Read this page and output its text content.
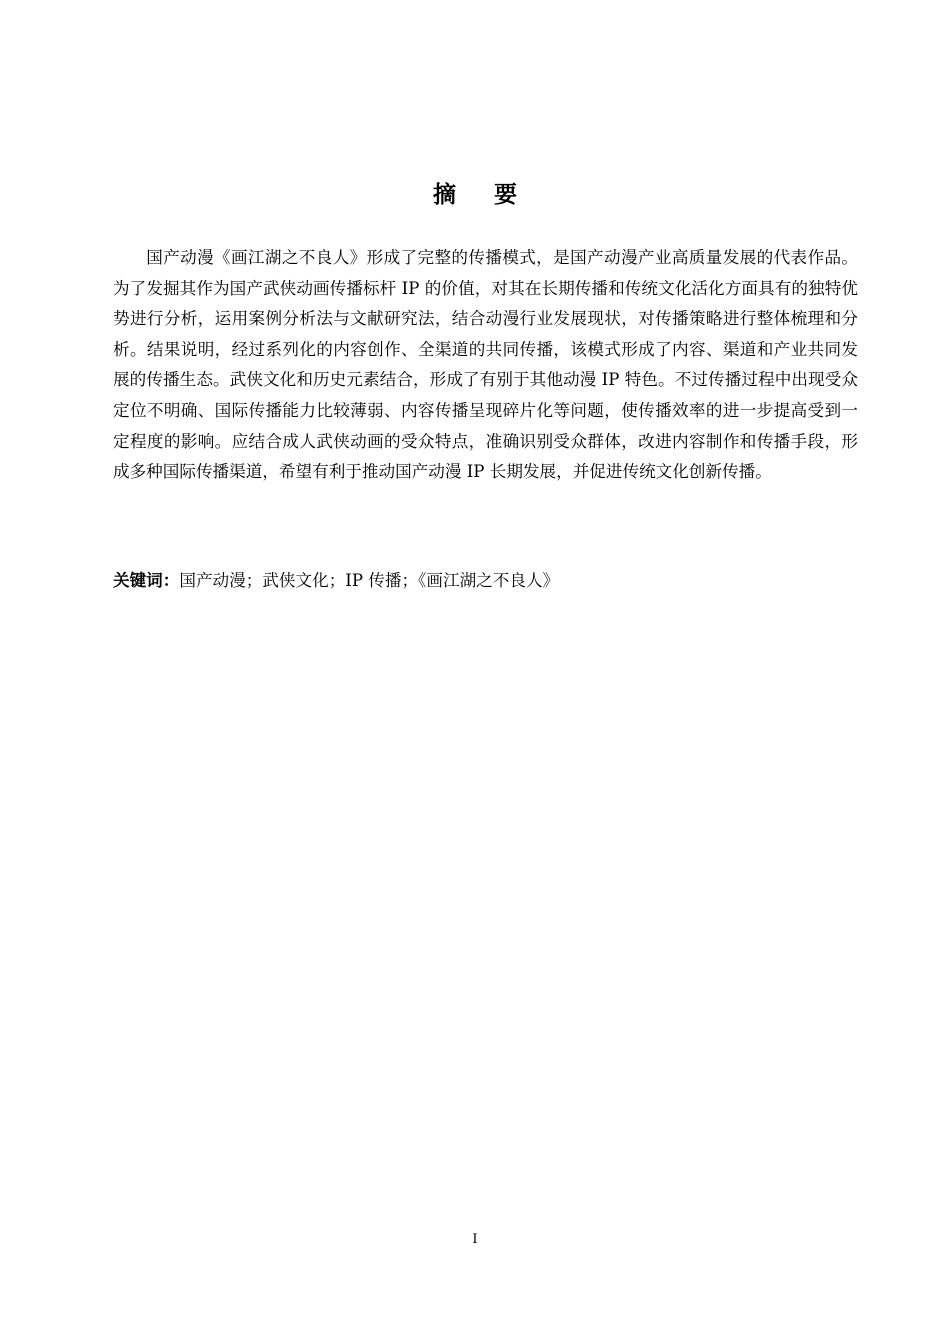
摘要

国产动漫《画江湖之不良人》形成了完整的传播模式，是国产动漫产业高质量发展的代表作品。为了发掘其作为国产武侠动画传播标杆 IP 的价值，对其在长期传播和传统文化活化方面具有的独特优势进行分析，运用案例分析法与文献研究法，结合动漫行业发展现状，对传播策略进行整体梳理和分析。结果说明，经过系列化的内容创作、全渠道的共同传播，该模式形成了内容、渠道和产业共同发展的传播生态。武侠文化和历史元素结合，形成了有别于其他动漫 IP 特色。不过传播过程中出现受众定位不明确、国际传播能力比较薄弱、内容传播呈现碎片化等问题，使传播效率的进一步提高受到一定程度的影响。应结合成人武侠动画的受众特点，准确识别受众群体，改进内容制作和传播手段，形成多种国际传播渠道，希望有利于推动国产动漫 IP 长期发展，并促进传统文化创新传播。

关键词：国产动漫；武侠文化；IP 传播；《画江湖之不良人》

I
